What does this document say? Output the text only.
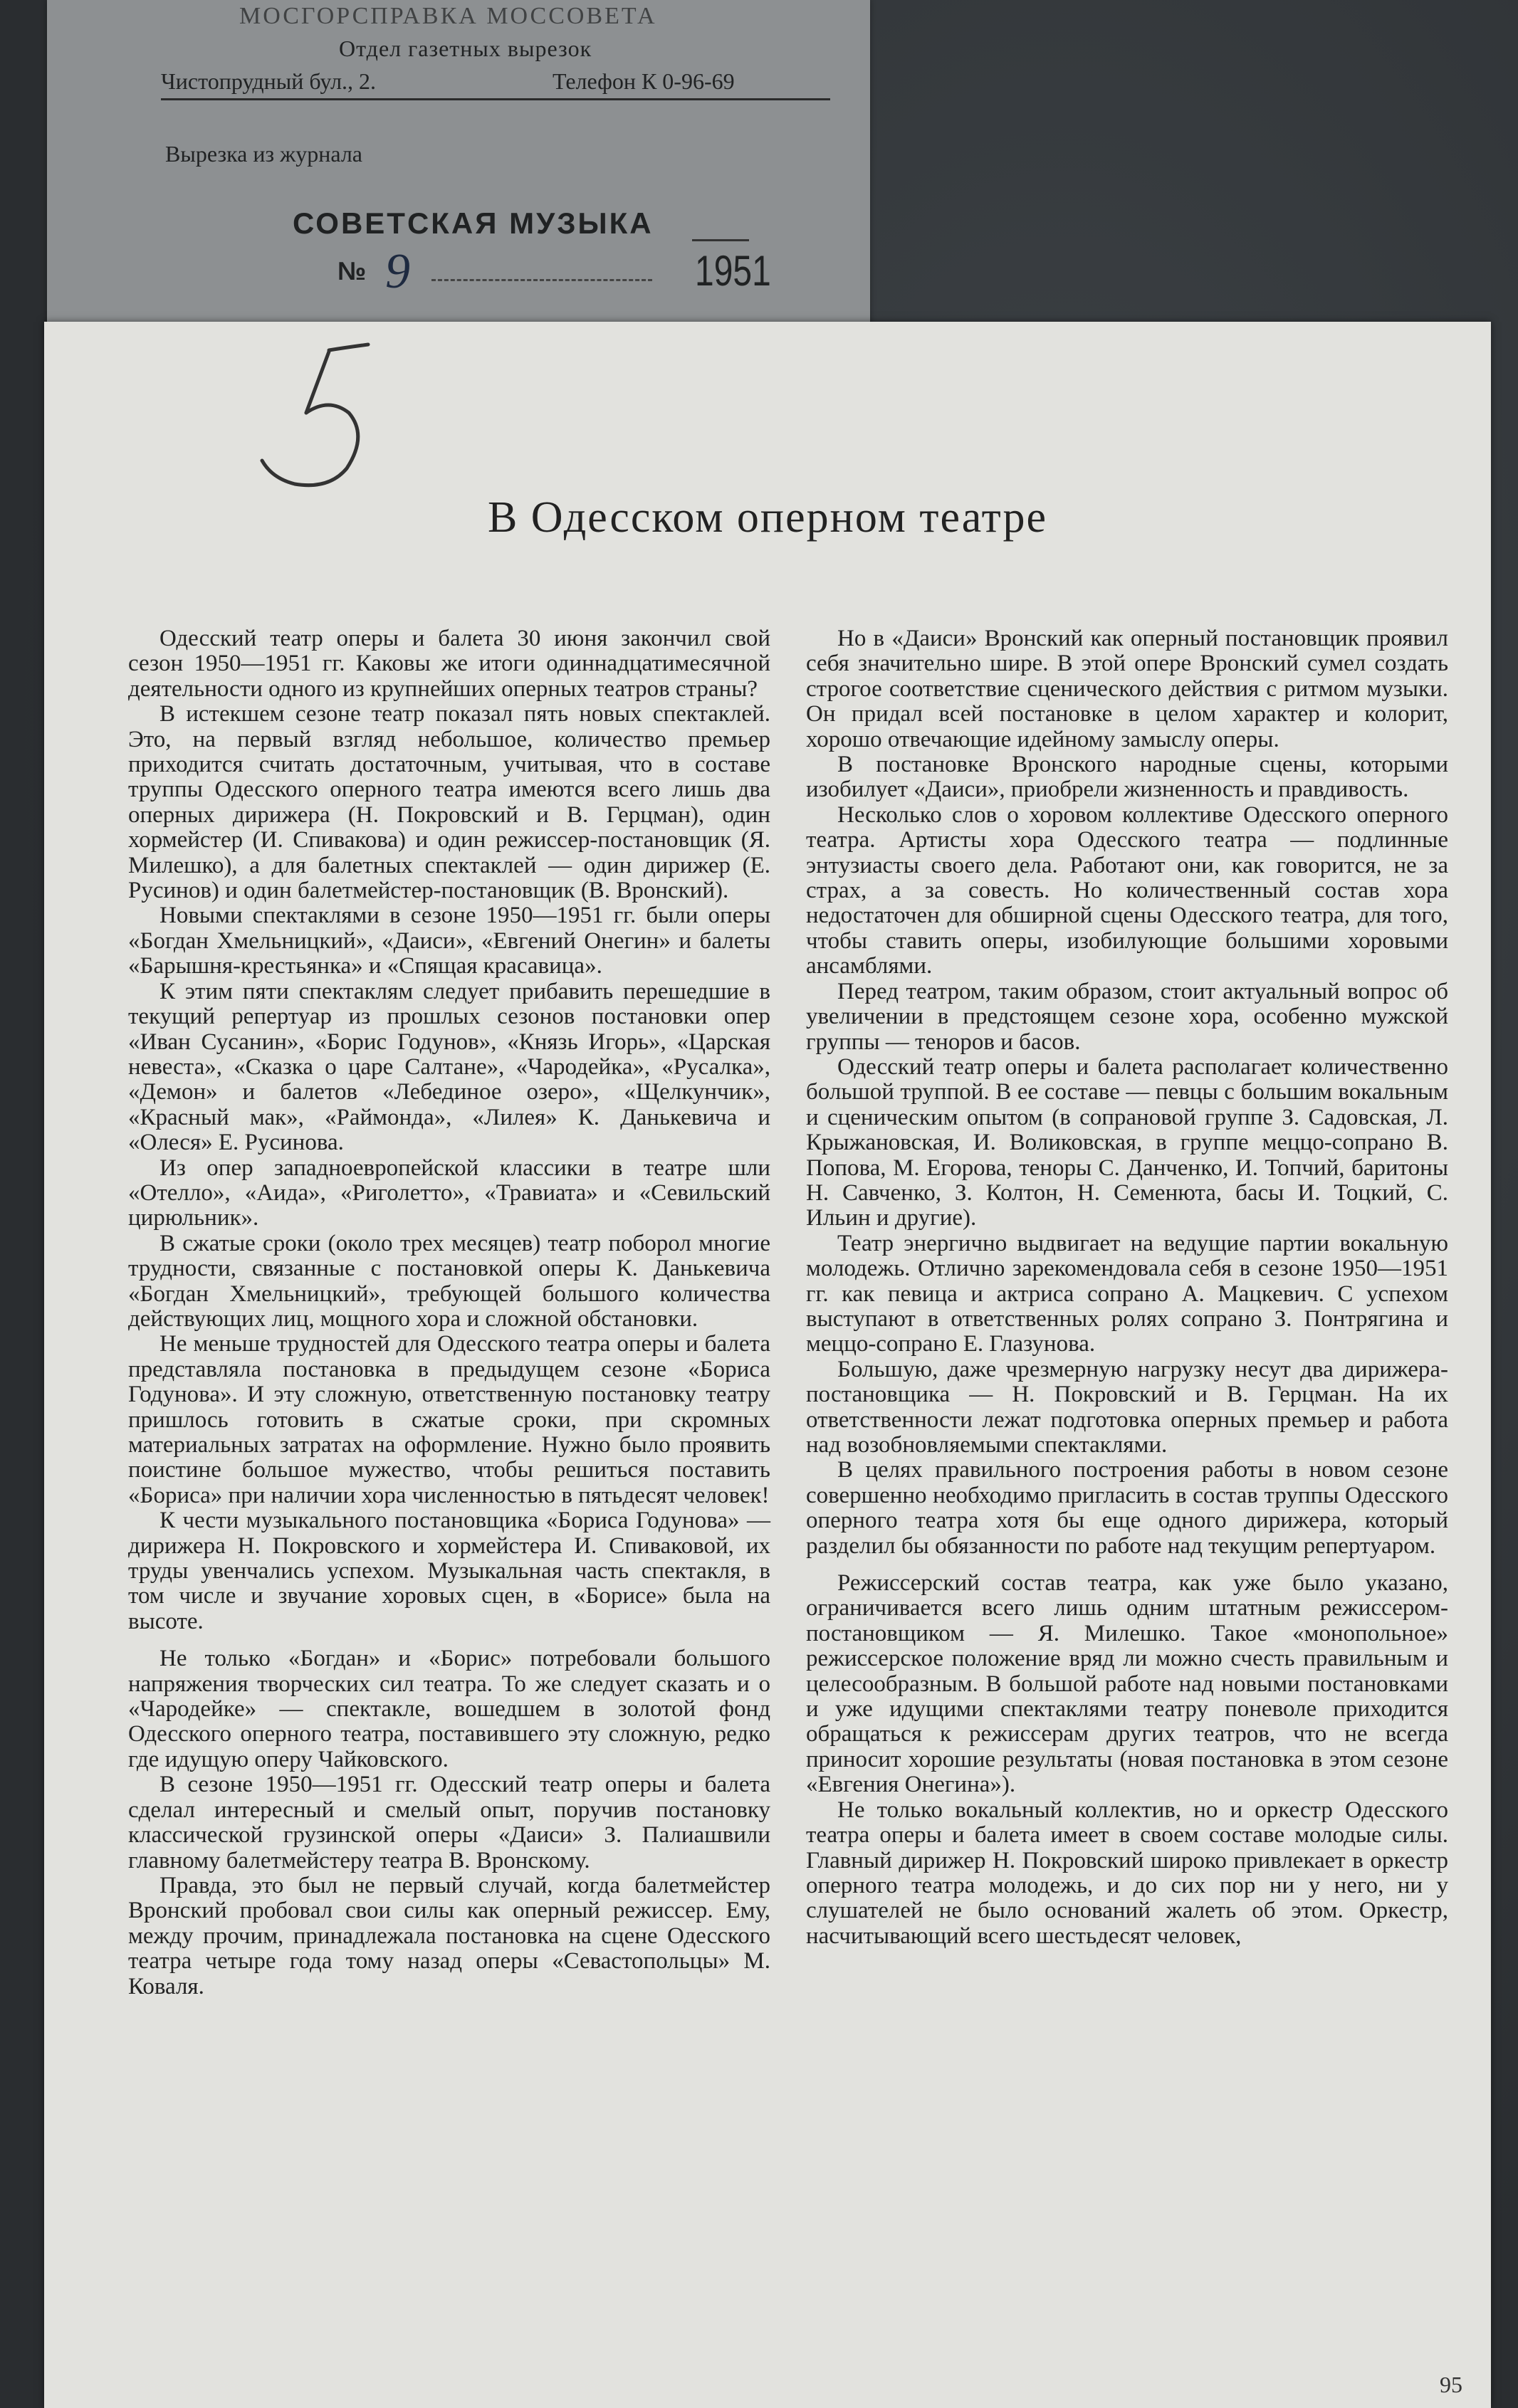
МОСГОРСПРАВКА МОССОВЕТА
Отдел газетных вырезок
Чистопрудный бул., 2.	Телефон К 0-96-69
Вырезка из журнала
СОВЕТСКАЯ МУЗЫКА
№ 9	1951
В Одесском оперном театре

Одесский театр оперы и балета 30 июня закончил свой сезон 1950—1951 гг. Каковы же итоги одиннадцатимесячной деятельности одного из крупнейших оперных театров страны?

В истекшем сезоне театр показал пять новых спектаклей. Это, на первый взгляд небольшое, количество премьер приходится считать достаточным, учитывая, что в составе труппы Одесского оперного театра имеются всего лишь два оперных дирижера (Н. Покровский и В. Герцман), один хормейстер (И. Спивакова) и один режиссер-постановщик (Я. Милешко), а для балетных спектаклей — один дирижер (Е. Русинов) и один балетмейстер-постановщик (В. Вронский).

Новыми спектаклями в сезоне 1950—1951 гг. были оперы «Богдан Хмельницкий», «Даиси», «Евгений Онегин» и балеты «Барышня-крестьянка» и «Спящая красавица».

К этим пяти спектаклям следует прибавить перешедшие в текущий репертуар из прошлых сезонов постановки опер «Иван Сусанин», «Борис Годунов», «Князь Игорь», «Царская невеста», «Сказка о царе Салтане», «Чародейка», «Русалка», «Демон» и балетов «Лебединое озеро», «Щелкунчик», «Красный мак», «Раймонда», «Лилея» К. Данькевича и «Олеся» Е. Русинова.

Из опер западноевропейской классики в театре шли «Отелло», «Аида», «Риголетто», «Травиата» и «Севильский цирюльник».

В сжатые сроки (около трех месяцев) театр поборол многие трудности, связанные с постановкой оперы К. Данькевича «Богдан Хмельницкий», требующей большого количества действующих лиц, мощного хора и сложной обстановки.

Не меньше трудностей для Одесского театра оперы и балета представляла постановка в предыдущем сезоне «Бориса Годунова». И эту сложную, ответственную постановку театру пришлось готовить в сжатые сроки, при скромных материальных затратах на оформление. Нужно было проявить поистине большое мужество, чтобы решиться поставить «Бориса» при наличии хора численностью в пятьдесят человек!

К чести музыкального постановщика «Бориса Годунова» — дирижера Н. Покровского и хормейстера И. Спиваковой, их труды увенчались успехом. Музыкальная часть спектакля, в том числе и звучание хоровых сцен, в «Борисе» была на высоте.

Не только «Богдан» и «Борис» потребовали большого напряжения творческих сил театра. То же следует сказать и о «Чародейке» — спектакле, вошедшем в золотой фонд Одесского оперного театра, поставившего эту сложную, редко где идущую оперу Чайковского.

В сезоне 1950—1951 гг. Одесский театр оперы и балета сделал интересный и смелый опыт, поручив постановку классической грузинской оперы «Даиси» З. Палиашвили главному балетмейстеру театра В. Вронскому.

Правда, это был не первый случай, когда балетмейстер Вронский пробовал свои силы как оперный режиссер. Ему, между прочим, принадлежала постановка на сцене Одесского театра четыре года тому назад оперы «Севастопольцы» М. Коваля.

Но в «Даиси» Вронский как оперный постановщик проявил себя значительно шире. В этой опере Вронский сумел создать строгое соответствие сценического действия с ритмом музыки. Он придал всей постановке в целом характер и колорит, хорошо отвечающие идейному замыслу оперы.

В постановке Вронского народные сцены, которыми изобилует «Даиси», приобрели жизненность и правдивость.

Несколько слов о хоровом коллективе Одесского оперного театра. Артисты хора Одесского театра — подлинные энтузиасты своего дела. Работают они, как говорится, не за страх, а за совесть. Но количественный состав хора недостаточен для обширной сцены Одесского театра, для того, чтобы ставить оперы, изобилующие большими хоровыми ансамблями.

Перед театром, таким образом, стоит актуальный вопрос об увеличении в предстоящем сезоне хора, особенно мужской группы — теноров и басов.

Одесский театр оперы и балета располагает количественно большой труппой. В ее составе — певцы с большим вокальным и сценическим опытом (в сопрановой группе З. Садовская, Л. Крыжановская, И. Воликовская, в группе меццо-сопрано В. Попова, М. Егорова, теноры С. Данченко, И. Топчий, баритоны Н. Савченко, З. Колтон, Н. Семенюта, басы И. Тоцкий, С. Ильин и другие).

Театр энергично выдвигает на ведущие партии вокальную молодежь. Отлично зарекомендовала себя в сезоне 1950—1951 гг. как певица и актриса сопрано А. Мацкевич. С успехом выступают в ответственных ролях сопрано З. Понтрягина и меццо-сопрано Е. Глазунова.

Большую, даже чрезмерную нагрузку несут два дирижера-постановщика — Н. Покровский и В. Герцман. На их ответственности лежат подготовка оперных премьер и работа над возобновляемыми спектаклями.

В целях правильного построения работы в новом сезоне совершенно необходимо пригласить в состав труппы Одесского оперного театра хотя бы еще одного дирижера, который разделил бы обязанности по работе над текущим репертуаром.

Режиссерский состав театра, как уже было указано, ограничивается всего лишь одним штатным режиссером-постановщиком — Я. Милешко. Такое «монопольное» режиссерское положение вряд ли можно счесть правильным и целесообразным. В большой работе над новыми постановками и уже идущими спектаклями театру поневоле приходится обращаться к режиссерам других театров, что не всегда приносит хорошие результаты (новая постановка в этом сезоне «Евгения Онегина»).

Не только вокальный коллектив, но и оркестр Одесского театра оперы и балета имеет в своем составе молодые силы. Главный дирижер Н. Покровский широко привлекает в оркестр оперного театра молодежь, и до сих пор ни у него, ни у слушателей не было оснований жалеть об этом. Оркестр, насчитывающий всего шестьдесят человек,

95
